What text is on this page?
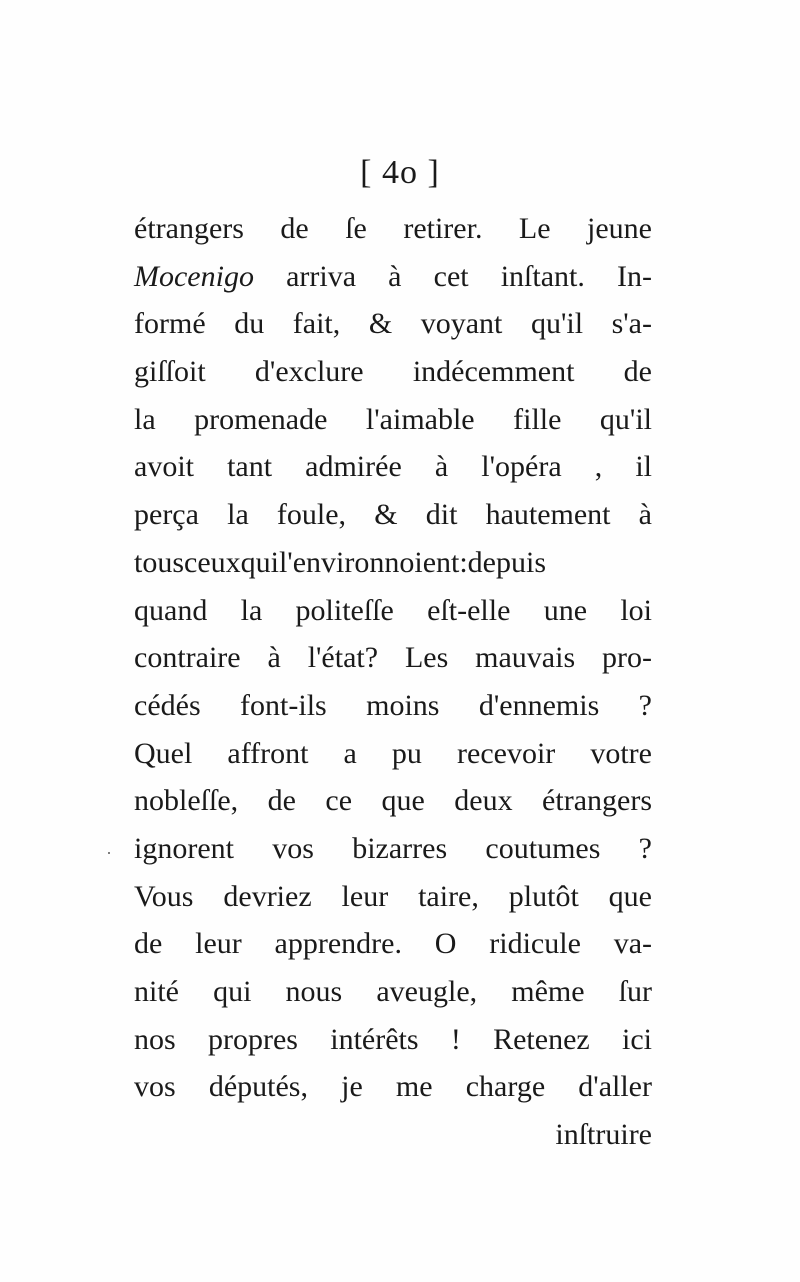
[ 4o ]
étrangers de ſe retirer. Le jeune
Mocenigo arriva à cet inſtant. In-
formé du fait, & voyant qu'il s'a-
giſſoit d'exclure indécemment de
la promenade l'aimable fille qu'il
avoit tant admirée à l'opéra , il
perça la foule, & dit hautement à
tousceuxquil'environnoient:depuis
quand la politeſſe eſt-elle une loi
contraire à l'état? Les mauvais pro-
cédés font-ils moins d'ennemis ?
Quel affront a pu recevoir votre
nobleſſe, de ce que deux étrangers
ignorent vos bizarres coutumes ?
Vous devriez leur taire, plutôt que
de leur apprendre. O ridicule va-
nité qui nous aveugle, même ſur
nos propres intérêts ! Retenez ici
vos députés, je me charge d'aller
inſtruire
